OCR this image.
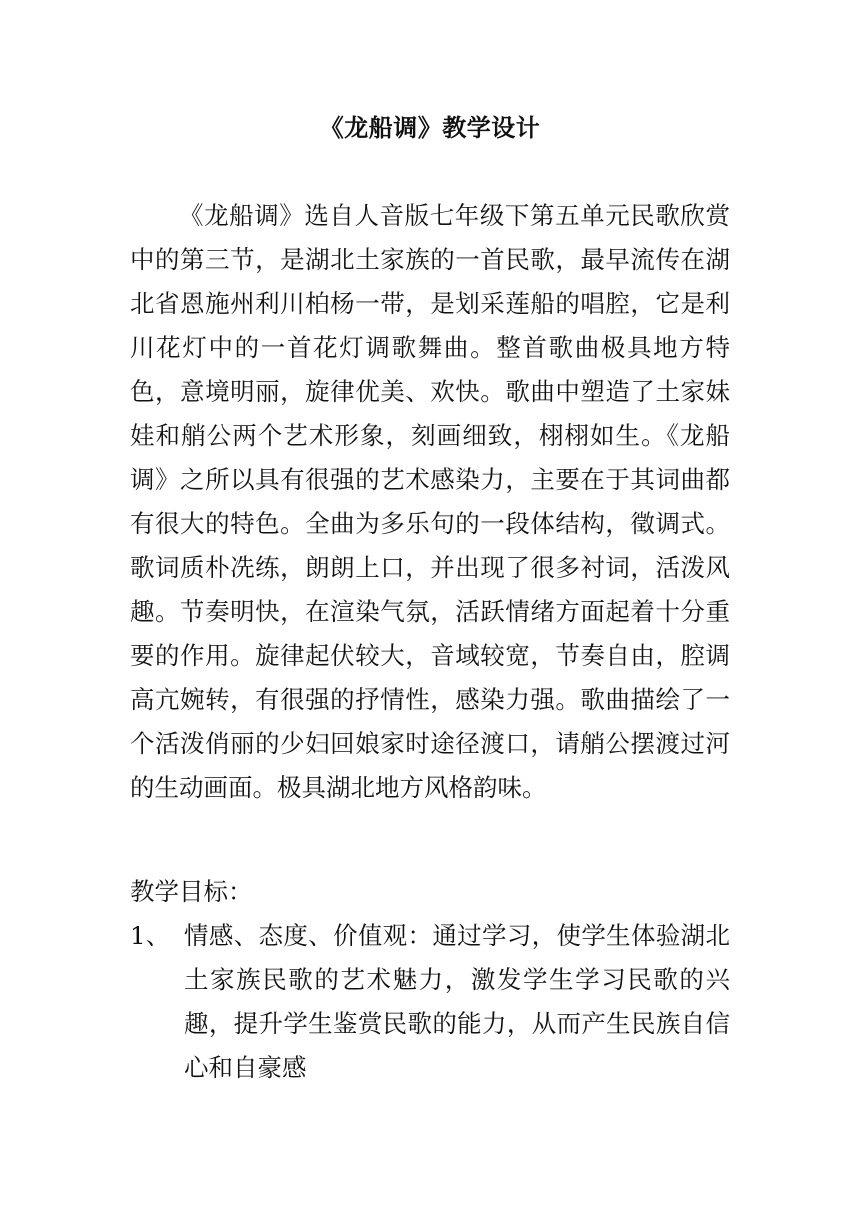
《龙船调》教学设计

《龙船调》选自人音版七年级下第五单元民歌欣赏中的第三节，是湖北土家族的一首民歌，最早流传在湖北省恩施州利川柏杨一带，是划采莲船的唱腔，它是利川花灯中的一首花灯调歌舞曲。整首歌曲极具地方特色，意境明丽，旋律优美、欢快。歌曲中塑造了土家妹娃和艄公两个艺术形象，刻画细致，栩栩如生。《龙船调》之所以具有很强的艺术感染力，主要在于其词曲都有很大的特色。全曲为多乐句的一段体结构，徵调式。歌词质朴冼练，朗朗上口，并出现了很多衬词，活泼风趣。节奏明快，在渲染气氛，活跃情绪方面起着十分重要的作用。旋律起伏较大，音域较宽，节奏自由，腔调高亢婉转，有很强的抒情性，感染力强。歌曲描绘了一个活泼俏丽的少妇回娘家时途径渡口，请艄公摆渡过河的生动画面。极具湖北地方风格韵味。

教学目标：

1、 情感、态度、价值观：通过学习，使学生体验湖北土家族民歌的艺术魅力，激发学生学习民歌的兴趣，提升学生鉴赏民歌的能力，从而产生民族自信心和自豪感
